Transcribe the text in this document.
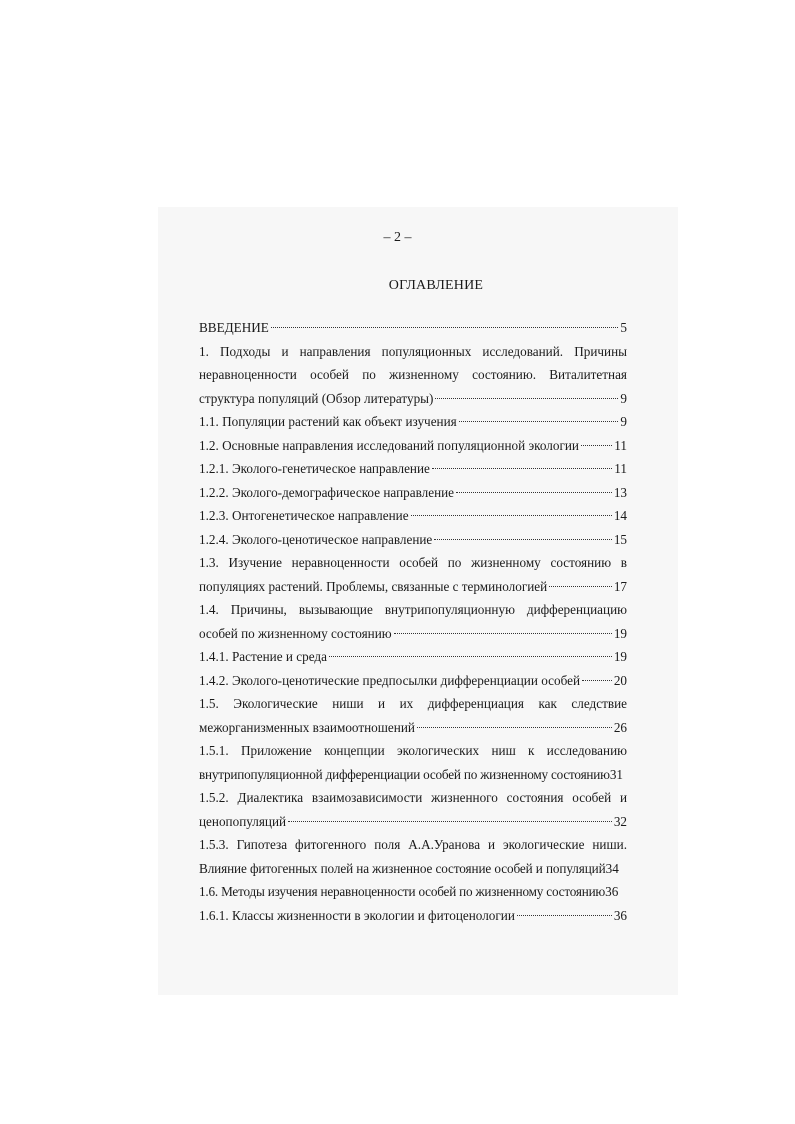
– 2 –
ОГЛАВЛЕНИЕ
ВВЕДЕНИЕ	5
1. Подходы и направления популяционных исследований. Причины
неравноценности особей по жизненному состоянию. Виталитетная
структура популяций (Обзор литературы)	9
1.1. Популяции растений как объект изучения	9
1.2. Основные направления исследований популяционной экологии	11
1.2.1. Эколого-генетическое направление	11
1.2.2. Эколого-демографическое направление	13
1.2.3. Онтогенетическое направление	14
1.2.4. Эколого-ценотическое направление	15
1.3. Изучение неравноценности особей по жизненному состоянию в
популяциях растений. Проблемы, связанные с терминологией	17
1.4. Причины, вызывающие внутрипопуляционную дифференциацию
особей по жизненному состоянию	19
1.4.1. Растение и среда	19
1.4.2. Эколого-ценотические предпосылки дифференциации особей	20
1.5. Экологические ниши и их дифференциация как следствие
межорганизменных взаимоотношений	26
1.5.1. Приложение концепции экологических ниш к исследованию
внутрипопуляционной дифференциации особей по жизненному состоянию 31
1.5.2. Диалектика взаимозависимости жизненного состояния особей и
ценопопуляций	32
1.5.3. Гипотеза фитогенного поля А.А.Уранова и экологические ниши.
Влияние фитогенных полей на жизненное состояние особей и популяций 34
1.6. Методы изучения неравноценности особей по жизненному состоянию 36
1.6.1. Классы жизненности в экологии и фитоценологии	36
